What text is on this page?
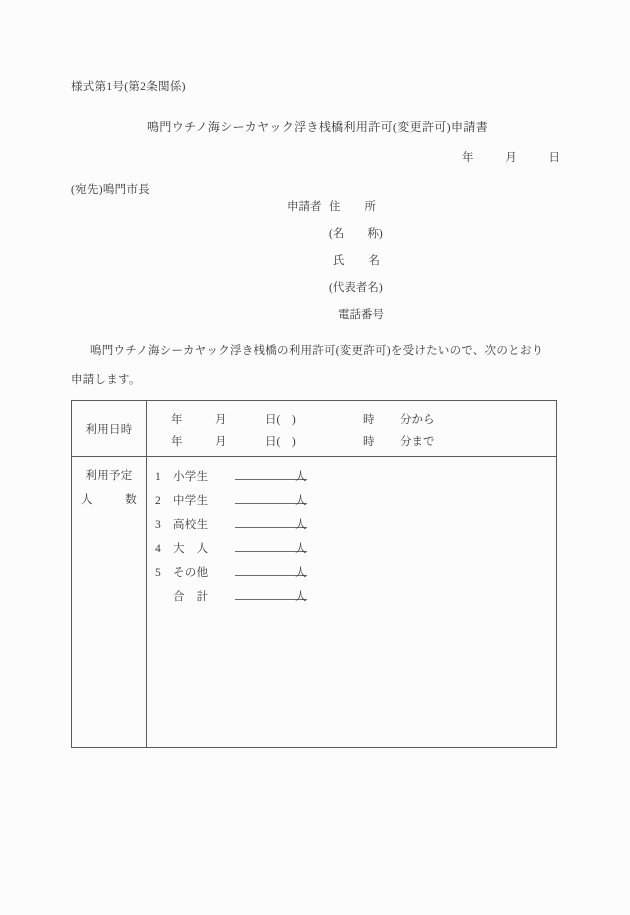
様式第1号(第2条関係)
鳴門ウチノ海シーカヤック浮き桟橋利用許可(変更許可)申請書
年	月	日
(宛先)鳴門市長
申請者 住 所
(名　　称)
氏 名
(代表者名)
電話番号
鳴門ウチノ海シーカヤック浮き桟橋の利用許可(変更許可)を受けたいので、次のとおり
申請します。
利用日時
年	月	日(　)	時 分から
年	月	日(　)	時 分まで
利用予定
人	数
1	小学生	人
2	中学生	人
3	高校生	人
4	大　人	人
5	その他	人
合　計	人
